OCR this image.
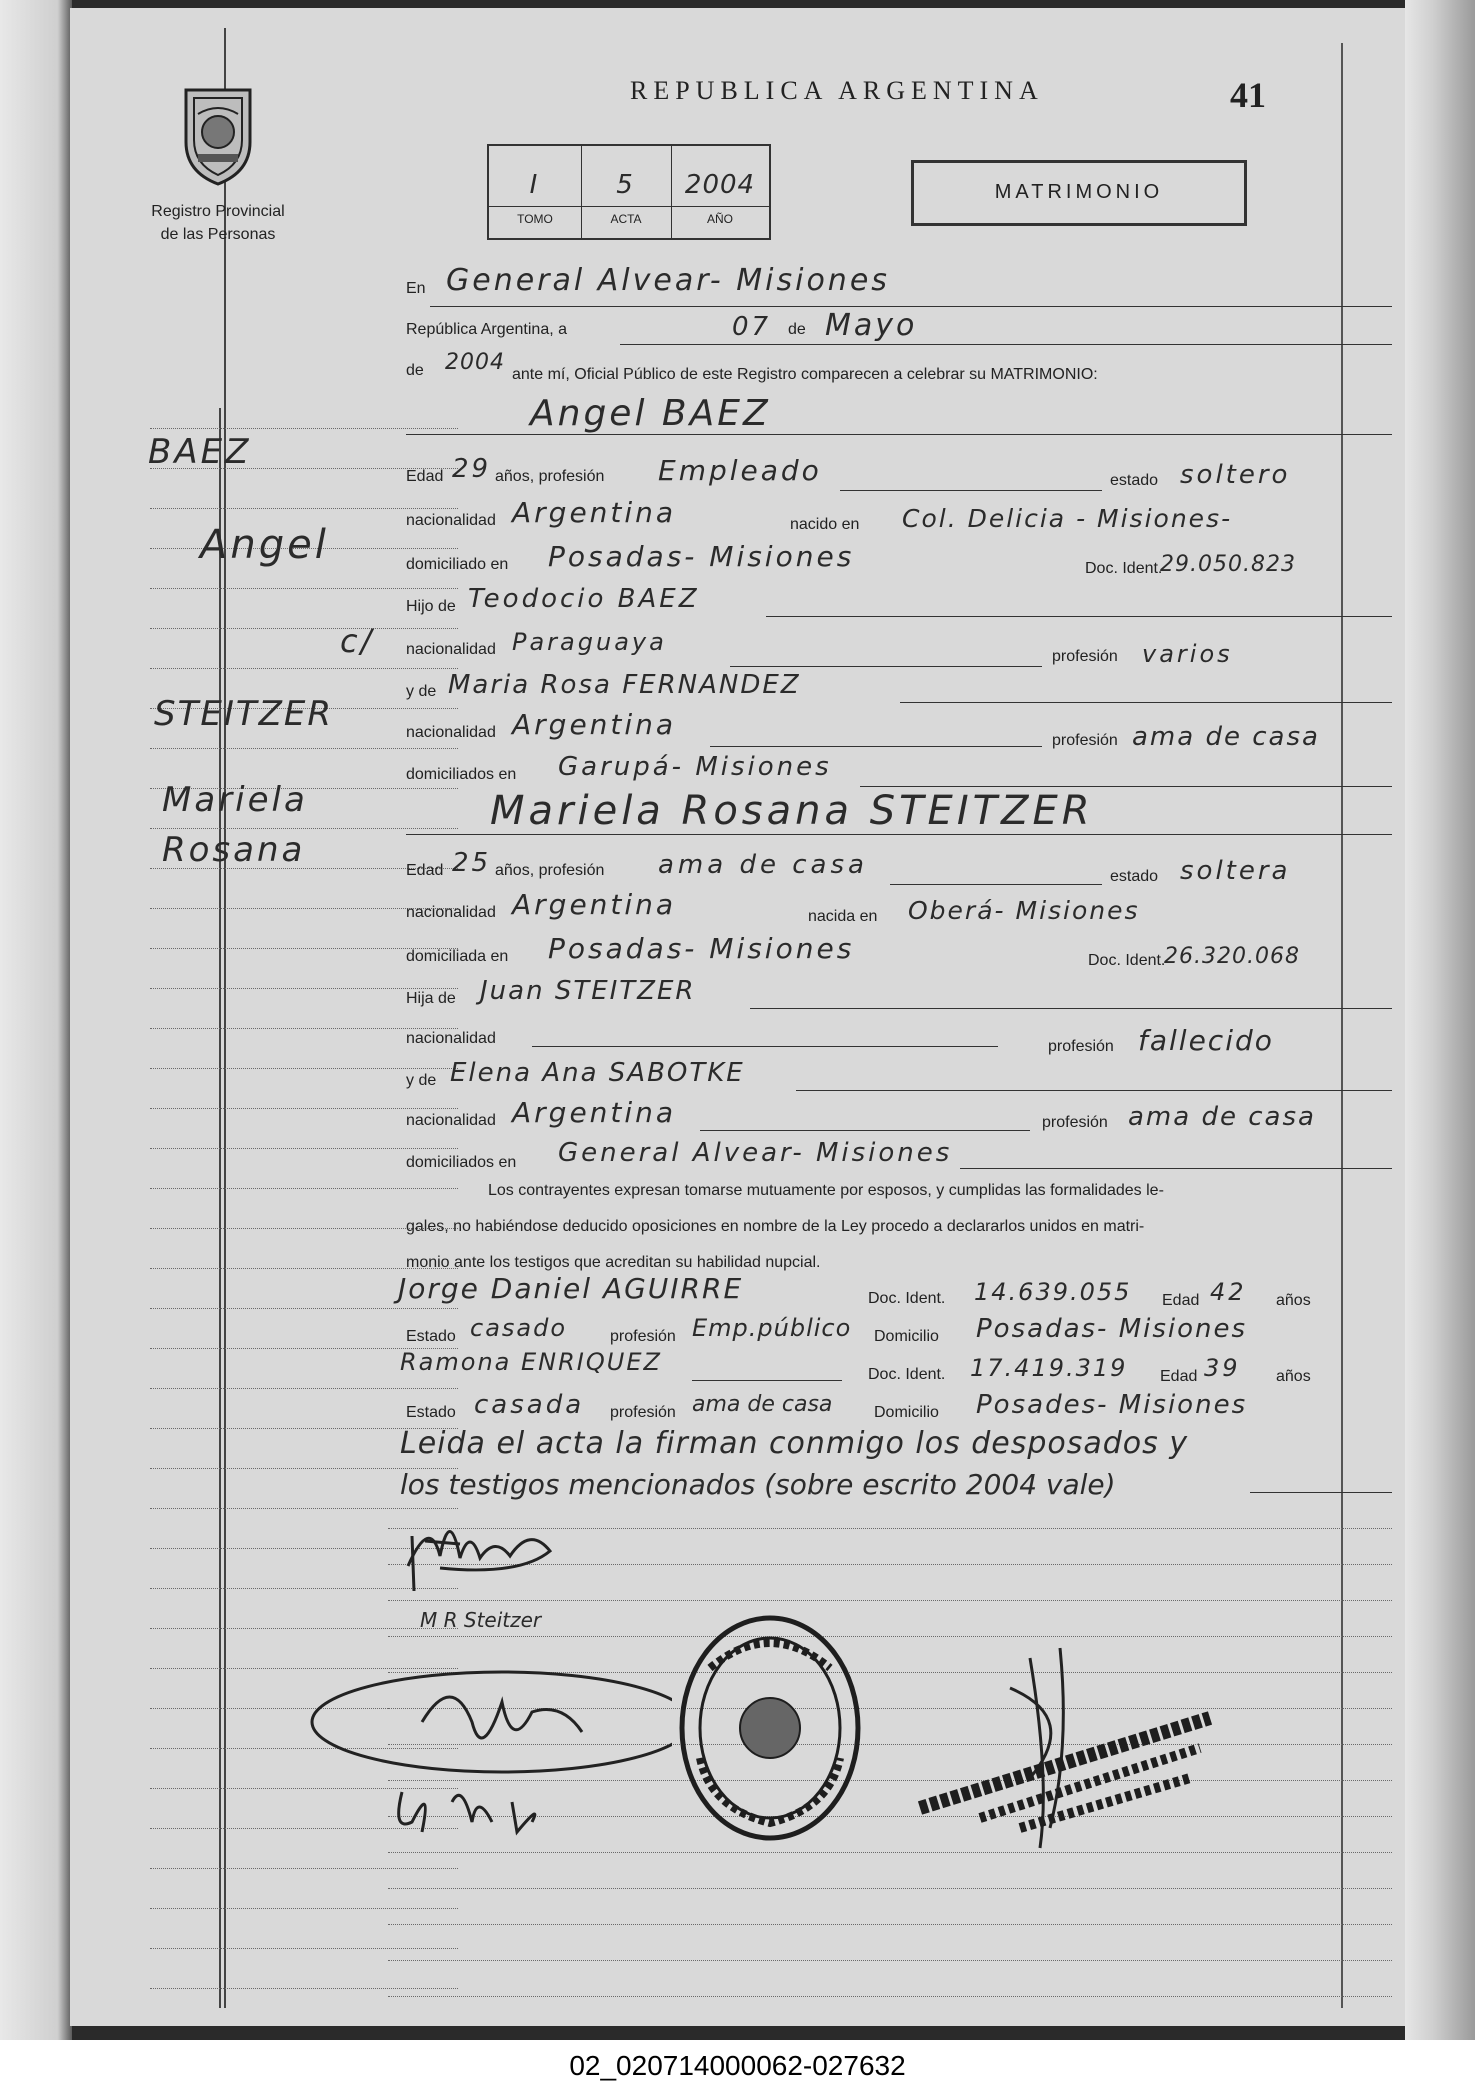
Registro Provincial
de las Personas
REPUBLICA ARGENTINA	41
I	5	2004
TOMO	ACTA	AÑO
MATRIMONIO
BAEZ
Angel
c/
STEITZER
Mariela
Rosana
En General Alvear- Misiones
República Argentina, a	07 de Mayo
de 2004 ante mí, Oficial Público de este Registro comparecen a celebrar su MATRIMONIO:
Angel BAEZ
Edad 29 años, profesión Empleado	estado soltero
nacionalidad Argentina	nacido en Col. Delicia - Misiones-
domiciliado en Posadas- Misiones	Doc. Ident.
29.050.823
Hijo de Teodocio BAEZ
nacionalidad Paraguaya
profesión varios
y de Maria Rosa FERNANDEZ
nacionalidad Argentina	profesión ama de casa
domiciliados en Garupá- Misiones
Mariela Rosana STEITZER
Edad 25 años, profesión ama de casa	estado soltera
nacionalidad Argentina	nacida en Oberá- Misiones
domiciliada en Posadas- Misiones	Doc. Ident.
26.320.068
Hija de Juan STEITZER
nacionalidad	profesión fallecido
y de Elena Ana SABOTKE
nacionalidad Argentina	profesión ama de casa
domiciliados en General Alvear- Misiones
Los contrayentes expresan tomarse mutuamente por esposos, y cumplidas las formalidades le-
gales, no habiéndose deducido oposiciones en nombre de la Ley procedo a declararlos unidos en matri-
monio ante los testigos que acreditan su habilidad nupcial.
Jorge Daniel AGUIRRE	Doc. Ident. 14.639.055 Edad 42 años
Estado casado	profesión Emp.público Domicilio Posadas- Misiones
Ramona ENRIQUEZ	Doc. Ident. 17.419.319 Edad 39 años
Estado casada profesión ama de casa	Domicilio Posades- Misiones
Leida el acta la firman conmigo los desposados y
los testigos mencionados (sobre escrito 2004 vale)
M R Steitzer
02_020714000062-027632
